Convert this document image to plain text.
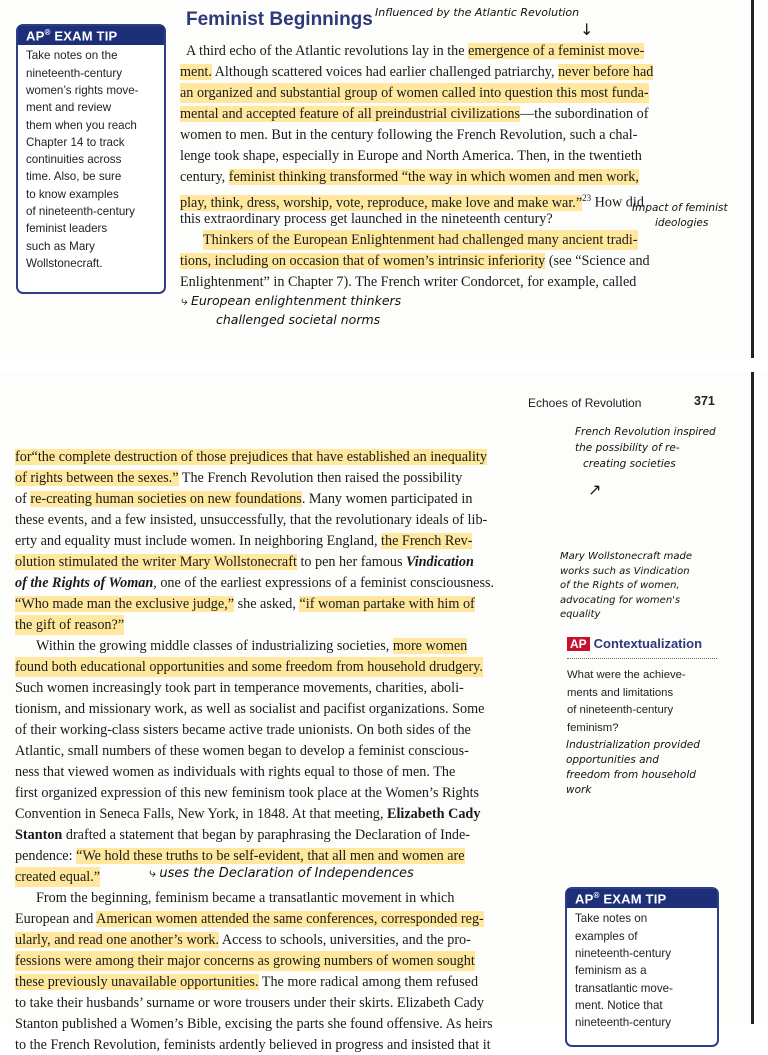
AP® EXAM TIP
Take notes on the
nineteenth-century
women’s rights move-
ment and review
them when you reach
Chapter 14 to track
continuities across
time. Also, be sure
to know examples
of nineteenth-century
feminist leaders
such as Mary
Wollstonecraft.
Feminist Beginnings Influenced by the Atlantic Revolution
↓
A third echo of the Atlantic revolutions lay in the emergence of a feminist move-
ment. Although scattered voices had earlier challenged patriarchy, never before had
an organized and substantial group of women called into question this most funda-
mental and accepted feature of all preindustrial civilizations—the subordination of
women to men. But in the century following the French Revolution, such a chal-
lenge took shape, especially in Europe and North America. Then, in the twentieth
century, feminist thinking transformed “the way in which women and men work,
play, think, dress, worship, vote, reproduce, make love and make war.”$^{23}$ How did
this extraordinary process get launched in the nineteenth century?
Thinkers of the European Enlightenment had challenged many ancient tradi-
tions, including on occasion that of women’s intrinsic inferiority (see “Science and
Enlightenment” in Chapter 7). The French writer Condorcet, for example, called
Impact of feminist
ideologies
⤷ European enlightenment thinkers
challenged societal norms
Echoes of Revolution	371
for“the complete destruction of those prejudices that have established an inequality
of rights between the sexes.” The French Revolution then raised the possibility
of re-creating human societies on new foundations. Many women participated in
these events, and a few insisted, unsuccessfully, that the revolutionary ideals of lib-
erty and equality must include women. In neighboring England, the French Rev-
olution stimulated the writer Mary Wollstonecraft to pen her famous Vindication
of the Rights of Woman, one of the earliest expressions of a feminist consciousness.
“Who made man the exclusive judge,” she asked, “if woman partake with him of
the gift of reason?”
Within the growing middle classes of industrializing societies, more women
found both educational opportunities and some freedom from household drudgery.
Such women increasingly took part in temperance movements, charities, aboli-
tionism, and missionary work, as well as socialist and pacifist organizations. Some
of their working-class sisters became active trade unionists. On both sides of the
Atlantic, small numbers of these women began to develop a feminist conscious-
ness that viewed women as individuals with rights equal to those of men. The
first organized expression of this new feminism took place at the Women’s Rights
Convention in Seneca Falls, New York, in 1848. At that meeting, Elizabeth Cady
Stanton drafted a statement that began by paraphrasing the Declaration of Inde-
pendence: “We hold these truths to be self-evident, that all men and women are
created equal.”
From the beginning, feminism became a transatlantic movement in which
European and American women attended the same conferences, corresponded reg-
ularly, and read one another’s work. Access to schools, universities, and the pro-
fessions were among their major concerns as growing numbers of women sought
these previously unavailable opportunities. The more radical among them refused
to take their husbands’ surname or wore trousers under their skirts. Elizabeth Cady
Stanton published a Women’s Bible, excising the parts she found offensive. As heirs
to the French Revolution, feminists ardently believed in progress and insisted that it
French Revolution inspired
the possibility of re-
creating societies
↗
Mary Wollstonecraft made
works such as Vindication
of the Rights of women,
advocating for women's
equality
AP Contextualization
What were the achieve-
ments and limitations
of nineteenth-century
feminism?
Industrialization provided
opportunities and
freedom from household
work
⤷ uses the Declaration of Independences
AP® EXAM TIP
Take notes on
examples of
nineteenth-century
feminism as a
transatlantic move-
ment. Notice that
nineteenth-century
